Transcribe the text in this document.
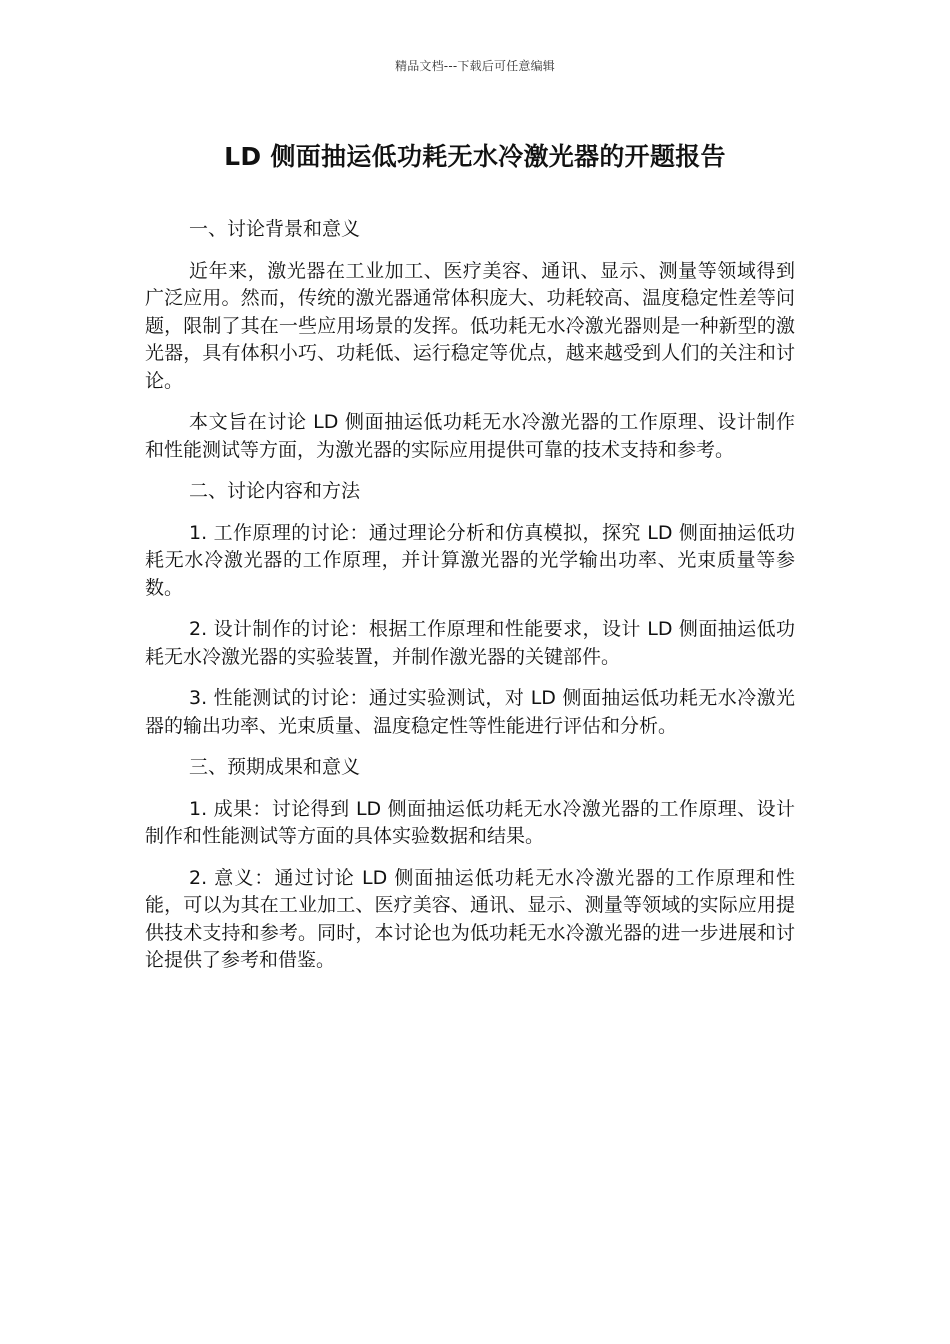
精品文档---下载后可任意编辑
LD 侧面抽运低功耗无水冷激光器的开题报告

一、讨论背景和意义

近年来，激光器在工业加工、医疗美容、通讯、显示、测量等领域得到广泛应用。然而，传统的激光器通常体积庞大、功耗较高、温度稳定性差等问题，限制了其在一些应用场景的发挥。低功耗无水冷激光器则是一种新型的激光器，具有体积小巧、功耗低、运行稳定等优点，越来越受到人们的关注和讨论。

本文旨在讨论 LD 侧面抽运低功耗无水冷激光器的工作原理、设计制作和性能测试等方面，为激光器的实际应用提供可靠的技术支持和参考。

二、讨论内容和方法

1. 工作原理的讨论：通过理论分析和仿真模拟，探究 LD 侧面抽运低功耗无水冷激光器的工作原理，并计算激光器的光学输出功率、光束质量等参数。

2. 设计制作的讨论：根据工作原理和性能要求，设计 LD 侧面抽运低功耗无水冷激光器的实验装置，并制作激光器的关键部件。

3. 性能测试的讨论：通过实验测试，对 LD 侧面抽运低功耗无水冷激光器的输出功率、光束质量、温度稳定性等性能进行评估和分析。

三、预期成果和意义

1. 成果：讨论得到 LD 侧面抽运低功耗无水冷激光器的工作原理、设计制作和性能测试等方面的具体实验数据和结果。

2. 意义：通过讨论 LD 侧面抽运低功耗无水冷激光器的工作原理和性能，可以为其在工业加工、医疗美容、通讯、显示、测量等领域的实际应用提供技术支持和参考。同时，本讨论也为低功耗无水冷激光器的进一步进展和讨论提供了参考和借鉴。
